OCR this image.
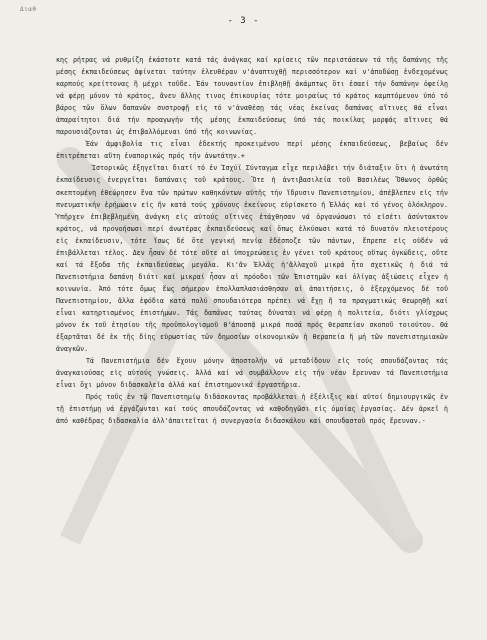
Διαθ
- 3 -

κης ρήτρας νά ρυθμίζη ἑκάστοτε κατά τάς ἀνάγκας καί κρίσεις τῶν περιστάσεων τά τῆς δαπάνης τῆς μέσης ἐκπαιδεύσεως ἀφίνεται ταύτην ἐλευθέραν ν'ἀναπτυχθῇ περισσότερον καί ν'ἀποδώσῃ ἐνδεχομένως καρπούς κρείττονας ἢ μέχρι τοῦδε. Ἐάν τουναντίον ἐπιβληθῇ ἀκάμπτως ὅτι ἐσαεί τήν δαπάνην ὀφείλῃ νά φέρῃ μόνον τό κράτος, ἄνευ ἄλλης τινος ἐπικουρίας τότε μοιραίως τό κράτος καμπτόμενον ὑπό τό βάρος τῶν ὅλων δαπανῶν συστροφῇ εἰς τό ν'ἀναθέσῃ τάς νέας ἐκείνας δαπάνας αἵτινες θά εἶναι ἀπαραίτητοι διά τήν προαγωγήν τῆς μέσης ἐκπαιδεύσεως ὑπό τάς ποικίλας μορφάς αἵτινες θά παρουσιάζονται ὡς ἐπιβαλλόμεναι ὑπό τῆς κοινωνίας.

Ἐάν ἀμφιβολία τις εἶναι ἐδεκτής προκειμένου περί μέσης ἐκπαιδεύσεως, βεβαίως δέν ἐπιτρέπεται αὕτη ἐναπορικώς πρός τήν ἀνωτάτην.+

Ἱστορικῶς ἐξηγεῖται διατί τό ἐν Ἰσχύϊ Σύνταγμα εἶχε περιλάβει τήν διάταξιν ὅτι ἡ ἀνωτάτη ἐκπαίδευσις ἐνεργεῖται δαπάναις τοῦ κράτους. Ὅτε ἡ ἀντιβασιλεία τοῦ Βασιλέως Ὄθωνος ὀρθῶς σκεπτομένη ἐθεώρησεν ἕνα τῶν πρώτων καθηκόντων αὐτῆς τήν ἵδρυσιν Πανεπιστημίου, ἀπέβλεπεν εἰς τήν πνευματικήν ἐρήμωσιν εἰς ἥν κατά τούς χρόνους ἐκείνους εὑρίσκετο ἡ Ἑλλάς καί τό γένος ὁλόκληρον. Ὑπῆρχεν ἐπιβεβλημένη ἀνάγκη εἰς αὐτούς οἵτινες ἐτάχθησαν νά ὀργανώσωσι τό εἰσέτι ἀσύντακτον κράτος, νά προνοήσωσι περί ἀνωτέρας ἐκπαιδεύσεως καί ὅπως ἑλκύσωσι κατά τό δυνατόν πλειοτέρους εἰς ἐκπαίδευσιν, τότε ἴσως δέ ὅτε γενική πενία ἐδέσποζε τῶν πάντων, ἔπρεπε εἰς οὐδέν νά ἐπιβάλλεται τέλος. Δεν ἦσαν δέ τότε οὔτε αἱ ὑποχρεώσεις ἐν γένει τοῦ κράτους οὕτως ὀγκώδεις, οὔτε καί τά ἔξοδα τῆς ἐκπαιδεύσεως μεγάλα. Κι'ἄν Ἑλλάς ἡ'ἄλλαχοῦ μικρά ἦτο σχετικῶς ἡ διά τά Πανεπιστήμια δαπάνη διότι καί μικραί ἦσαν αἱ πρόοδοι τῶν Ἐπιστημῶν καί ὀλίγας ἀξιώσεις εἶχεν ἡ κοινωνία. Ἀπό τότε ὅμως ἕως σήμερον ἐπολλαπλασιάσθησαν αἱ ἀπαιτήσεις, ὁ ἐξερχόμενος δέ τοῦ Πανεπιστημίου, ἄλλα ἐφόδια κατά πολύ σπουδαιότερα πρέπει νά ἔχῃ ἤ τα πραγματικώς θεωρηθῇ καί εἶναι κατηρτισμένος ἐπιστήμων. Τάς δαπάνας ταύτας δύναται νά φέρῃ ἡ πολιτεία, διότι γλίσχρως μόνον ἐκ τοῦ ἐτησίου τῆς προϋπολογισμοῦ θ'ἀποσπᾷ μικρά ποσά πρός θεραπείαν σκοποῦ τοιούτου. Θά ἐξαρτᾶται δέ ἐκ τῆς δίης εὐρωστίας τῶν δημοσίων οἰκονομικῶν ἡ θεραπεία ἤ μή τῶν πανεπιστημιακῶν ἀναγκῶν.

Τά Πανεπιστήμια δέν ἔχουν μόνην ἀποστολήν νά μεταδίδουν εἰς τούς σπουδάζοντας τάς ἀναγκαιούσας εἰς αὐτούς γνώσεις. Ἀλλά καί νά συμβάλλουν εἰς τήν νέαν ἔρευναν τά Πανεπιστήμια εἶναι ὄχι μόνον διδασκαλεῖα ἀλλά καί ἐπιστημονικά ἐργαστήρια.

Πρός τοῦς ἐν τῷ Πανεπιστημίῳ διδάσκοντας προβάλλεται ἡ ἐξέλιξις καί αὐτοί δημιουργικῶς ἐν τῇ ἐπιστήμῃ νά ἐργάζωνται καί τούς σπουδάζοντας νά καθοδηγῶσι εἰς ὁμοίας ἐργασίας. Δέν ἀρκεῖ ἡ ἀπό καθέδρας διδασκαλία ἀλλ'ἀπαιτεῖται ἡ συνεργασία διδασκάλου καί σπουδαστοῦ πρός ἔρευναν.-
